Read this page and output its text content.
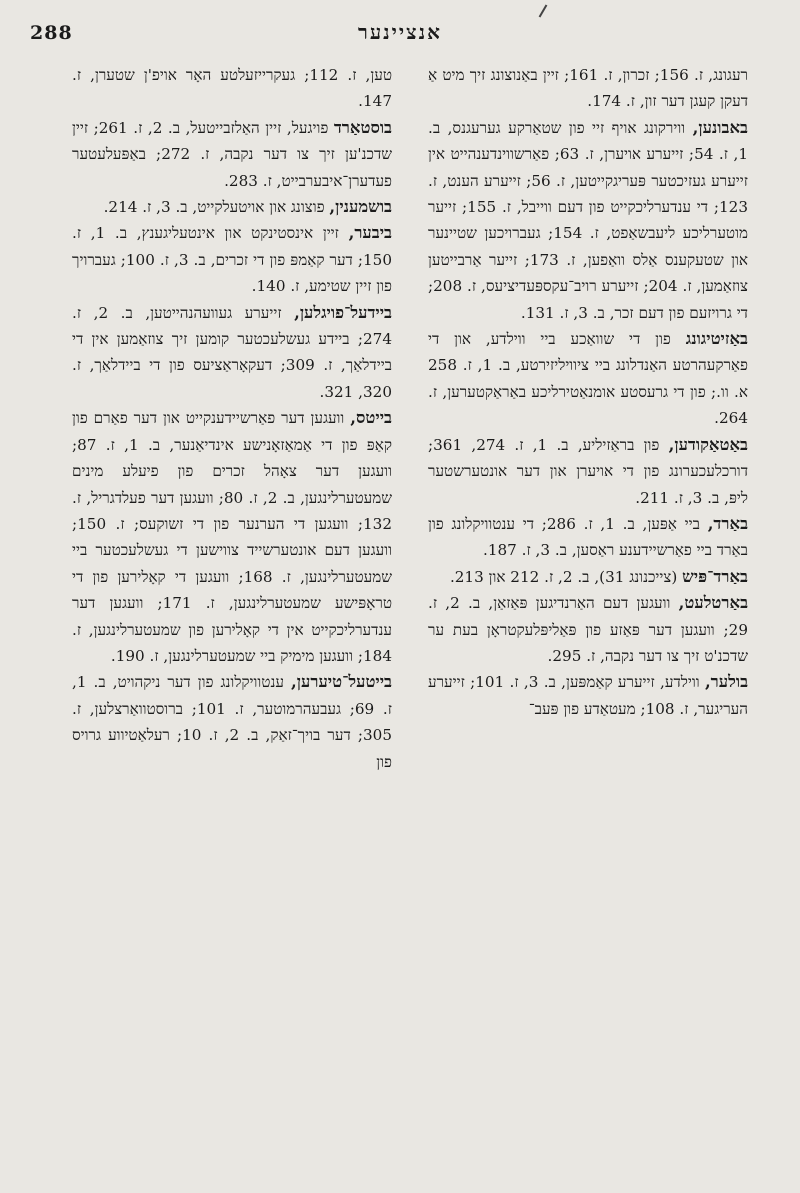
288	אנציינער

רעגונג, ז. 156; זכרון, ז. 161; זיין באַנוצונג זיך מיט אַ דעקן קעגן דער זון, ז. 174.

באבונען, ווירקונג אויף זיי פון שטאַרקע גערעגנס, ב. 1, ז. 54; זייערע אויערן, ז. 63; פאַרשווינדענהייט אין זייערע געזיכטער פּעריגקייטען, ז. 56; זייערע הענט, ז. 123; די ענדערליכקייט פון דעם ווייבל, ז. 155; זייער מוטערליכע ליעבשאַפט, ז. 154; געברויכען שטיינער און שטעקענס אַלס וואַפען, ז. 173; זייער אַרבייטען צוזאַמען, ז. 204; זייערע רויב־עקספּעדיציעס, ז. 208; די גרויזעם פון דעם זכר, ב. 3, ז. 131.

באַזיטיגונג פון די שוואַכע ביי ווילדע, און די פאַרקעהרטע האַנדלונג ביי ציוויליזירטע, ב. 1, ז. 258 א. וו.; פון די גרעסטע אומנאַטירליכע באַראַקטערען, ז. 264.

באַטאַקודען, פון בראַזיליע, ב. 1, ז. 274, 361; דורכלעכערונג פון די אויערן און דער אונטערשטער ליפּ, ב. 3, ז. 211.

באַרד, ביי אַפּען, ב. 1, ז. 286; די ענטוויקלונג פון באַרד ביי פאַרשיידענע ראַסען, ב. 3, ז. 187.

באַרד־פּיש (צייכנונג 31), ב. 2, ז. 212 און 213.

באַרטלעט, וועגען דעם האַרנדיגען פּאַזאַן, ב. 2, ז. 29; וועגען דער פּאַזע פון פּאַליפּלעקטראָן בעת ער שדכנ'ט זיך צו דער נקבה, ז. 295.

בולער, ווילדע, זייערע קאַמפּען, ב. 3, ז. 101; זייערע העריגער, ז. 108; מעטאַדע פון פּעב־

טען, ז. 112; געקרייזעלטע האָר אויפ'ן שטערן, ז. 147.

בוסטאַרד פויגעל, זיין האַלזבייטעל, ב. 2, ז. 261; זיין שדכנ'ען זיך צו דער נקבה, ז. 272; באַפּעלעטער פעדערן־איבערבייט, ז. 283.

בושמענין, פוצונג און אויטעלקייט, ב. 3, ז. 214.

ביבער, זיין אינסטינקט און אינטעליגענץ, ב. 1, ז. 150; דער קאַמפּ פון די זכרים, ב. 3, ז. 100; געברויך פון זיין שטימע, ז. 140.

ביידעל־פויגלען, זייערע געוועהנהייטען, ב. 2, ז. 274; ביידע געשלעכטער קומען זיך צוזאַמען אין די ביידלאַך, ז. 309; דעקאָראַציעס פון די ביידלאַך, ז. 320, 321.

בייטס, וועגען דער פאַרשיידענקייט און דער פאַרם פון קאַפּ פון די אַמאַזאָנישע אינדיאַנער, ב. 1, ז. 87; וועגען דער צאָהל זכרים פון פיעלע מינים שמעטערלינגען, ב. 2, ז. 80; וועגען דער פעלדגריל, ז. 132; וועגען די הערנער פון די זשוקעס; ז. 150; וועגען דעם אונטערשייד צווישען די געשלעכטער ביי שמעטערלינגען, ז. 168; וועגען די קאָלירען פון די טראָפּישע שמעטערלינגען, ז. 171; וועגען דער ענדערליכקייט אין די קאָלירען פון שמעטערלינגען, ז. 184; וועגען מימיק ביי שמעטערלינגען, ז. 190.

בייטעל־טיערען, ענטוויקלונג פון דער ניקהויט, ב. 1, ז. 69; געבעהרמוטער, ז. 101; ברוסטוואַרצלען, ז. 305; דער בויך־זאַק, ב. 2, ז. 10; רעלאַטיווע גרויס פון
